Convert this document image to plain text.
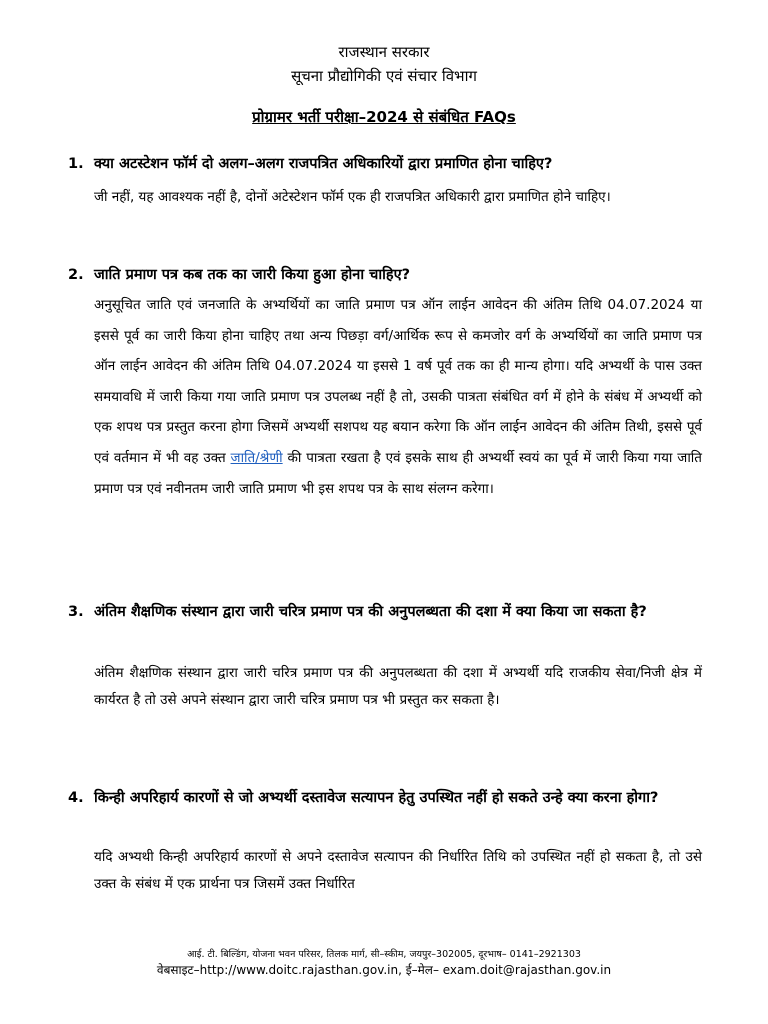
राजस्थान सरकार
सूचना प्रौद्योगिकी एवं संचार विभाग
प्रोग्रामर भर्ती परीक्षा–2024 से संबंधित FAQs
1. क्या अटस्टेशन फॉर्म दो अलग–अलग राजपत्रित अधिकारियों द्वारा प्रमाणित होना चाहिए?
जी नहीं, यह आवश्यक नहीं है, दोनों अटेस्टेशन फॉर्म एक ही राजपत्रित अधिकारी द्वारा प्रमाणित होने चाहिए।
2. जाति प्रमाण पत्र कब तक का जारी किया हुआ होना चाहिए?
अनुसूचित जाति एवं जनजाति के अभ्यर्थियों का जाति प्रमाण पत्र ऑन लाईन आवेदन की अंतिम तिथि 04.07.2024 या इससे पूर्व का जारी किया होना चाहिए तथा अन्य पिछड़ा वर्ग/आर्थिक रूप से कमजोर वर्ग के अभ्यर्थियों का जाति प्रमाण पत्र ऑन लाईन आवेदन की अंतिम तिथि 04.07.2024 या इससे 1 वर्ष पूर्व तक का ही मान्य होगा। यदि अभ्यर्थी के पास उक्त समयावधि में जारी किया गया जाति प्रमाण पत्र उपलब्ध नहीं है तो, उसकी पात्रता संबंधित वर्ग में होने के संबंध में अभ्यर्थी को एक शपथ पत्र प्रस्तुत करना होगा जिसमें अभ्यर्थी सशपथ यह बयान करेगा कि ऑन लाईन आवेदन की अंतिम तिथी, इससे पूर्व एवं वर्तमान में भी वह उक्त जाति/श्रेणी की पात्रता रखता है एवं इसके साथ ही अभ्यर्थी स्वयं का पूर्व में जारी किया गया जाति प्रमाण पत्र एवं नवीनतम जारी जाति प्रमाण भी इस शपथ पत्र के साथ संलग्न करेगा।
3. अंतिम शैक्षणिक संस्थान द्वारा जारी चरित्र प्रमाण पत्र की अनुपलब्धता की दशा में क्या किया जा सकता है?
अंतिम शैक्षणिक संस्थान द्वारा जारी चरित्र प्रमाण पत्र की अनुपलब्धता की दशा में अभ्यर्थी यदि राजकीय सेवा/निजी क्षेत्र में कार्यरत है तो उसे अपने संस्थान द्वारा जारी चरित्र प्रमाण पत्र भी प्रस्तुत कर सकता है।
4. किन्ही अपरिहार्य कारणों से जो अभ्यर्थी दस्तावेज सत्यापन हेतु उपस्थित नहीं हो सकते उन्हे क्या करना होगा?
यदि अभ्यथी किन्ही अपरिहार्य कारणों से अपने दस्तावेज सत्यापन की निर्धारित तिथि को उपस्थित नहीं हो सकता है, तो उसे उक्त के संबंध में एक प्रार्थना पत्र जिसमें उक्त निर्धारित
आई. टी. बिल्डिंग, योजना भवन परिसर, तिलक मार्ग, सी–स्कीम, जयपुर–302005, दूरभाष– 0141–2921303
वेबसाइट–http://www.doitc.rajasthan.gov.in, ई–मेल– exam.doit@rajasthan.gov.in
